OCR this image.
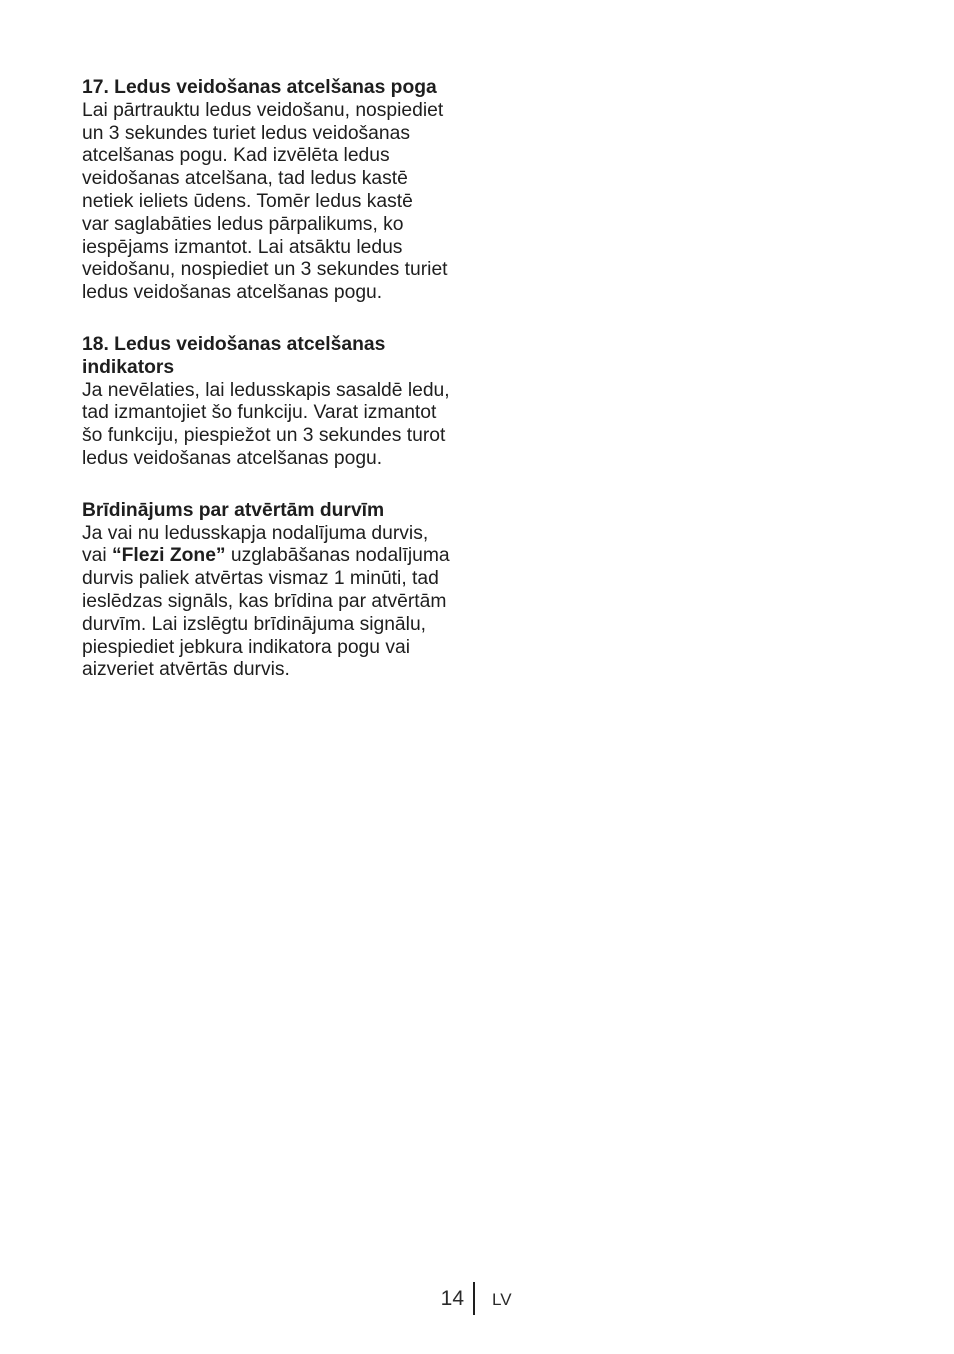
17. Ledus veidošanas atcelšanas poga
Lai pārtrauktu ledus veidošanu, nospiediet
un 3 sekundes turiet ledus veidošanas
atcelšanas pogu. Kad izvēlēta ledus
veidošanas atcelšana, tad ledus kastē
netiek ieliets ūdens. Tomēr ledus kastē
var saglabāties ledus pārpalikums, ko
iespējams izmantot. Lai atsāktu ledus
veidošanu, nospiediet un 3 sekundes turiet
ledus veidošanas atcelšanas pogu.
18. Ledus veidošanas atcelšanas
indikators
Ja nevēlaties, lai ledusskapis sasaldē ledu,
tad izmantojiet šo funkciju. Varat izmantot
šo funkciju, piespiežot un 3 sekundes turot
ledus veidošanas atcelšanas pogu.
Brīdinājums par atvērtām durvīm
Ja vai nu ledusskapja nodalījuma durvis,
vai “Flezi Zone” uzglabāšanas nodalījuma
durvis paliek atvērtas vismaz 1 minūti, tad
ieslēdzas signāls, kas brīdina par atvērtām
durvīm. Lai izslēgtu brīdinājuma signālu,
piespiediet jebkura indikatora pogu vai
aizveriet atvērtās durvis.
14 LV
